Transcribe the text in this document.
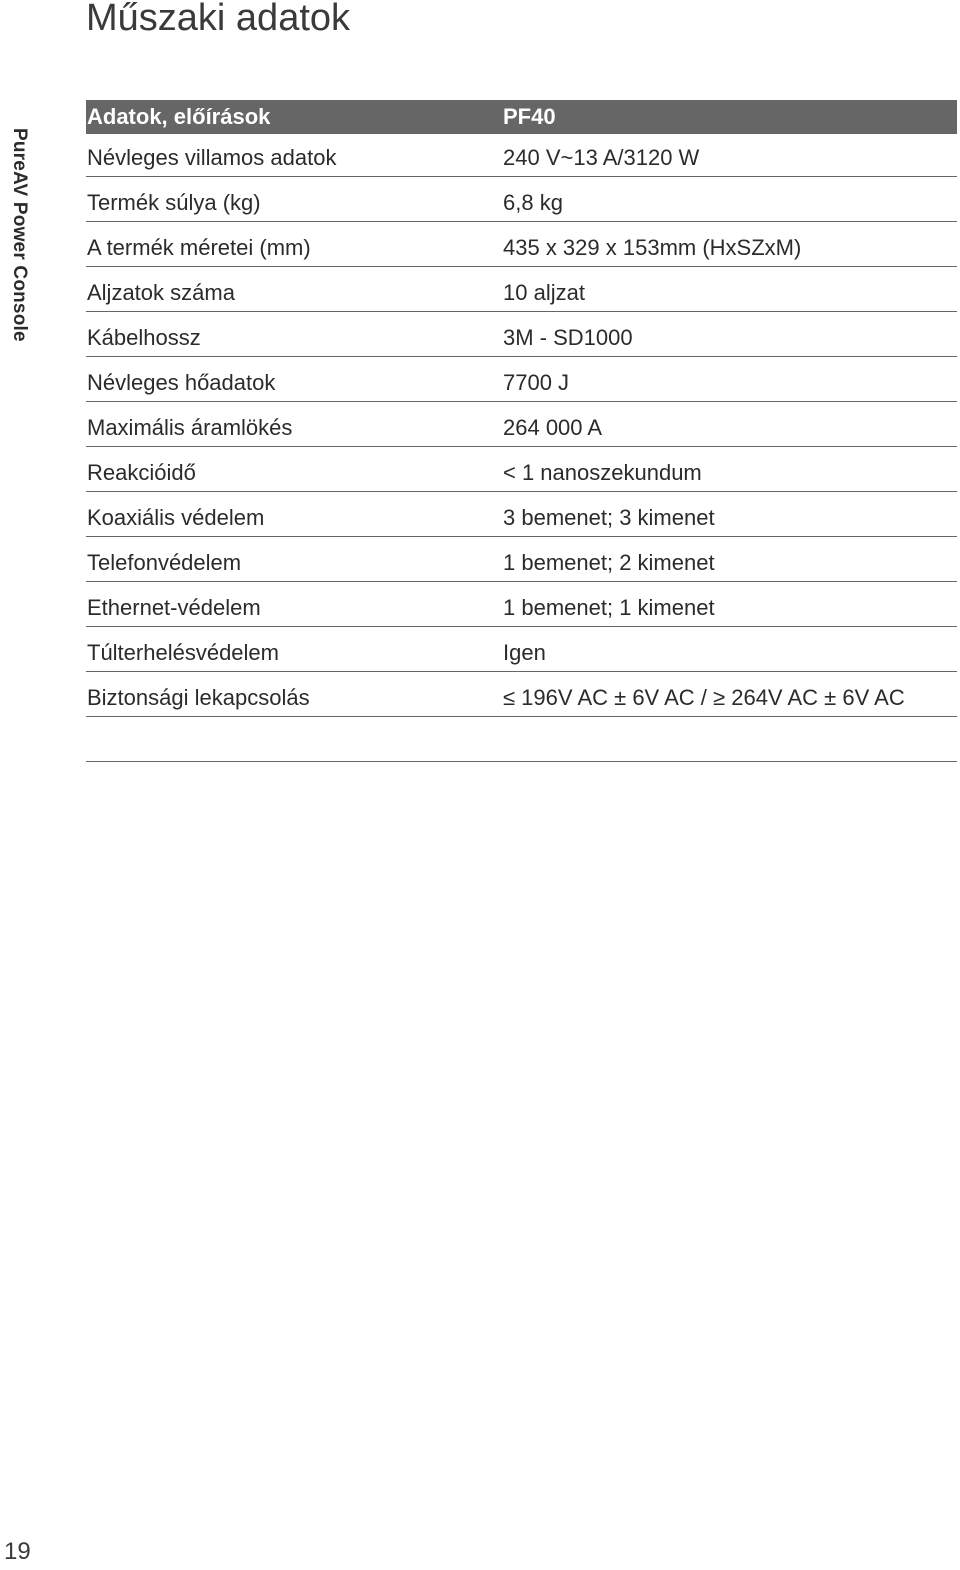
Műszaki adatok
PureAV Power Console
Adatok, előírások	PF40
Névleges villamos adatok	240 V~13 A/3120 W
Termék súlya (kg)	6,8 kg
A termék méretei (mm)	435 x 329 x 153mm (HxSZxM)
Aljzatok száma	10 aljzat
Kábelhossz	3M - SD1000
Névleges hőadatok	7700 J
Maximális áramlökés	264 000 A
Reakcióidő	< 1 nanoszekundum
Koaxiális védelem	3 bemenet; 3 kimenet
Telefonvédelem	1 bemenet; 2 kimenet
Ethernet-védelem	1 bemenet; 1 kimenet
Túlterhelésvédelem	Igen
Biztonsági lekapcsolás	≤ 196V AC ± 6V AC / ≥ 264V AC ± 6V AC
19
